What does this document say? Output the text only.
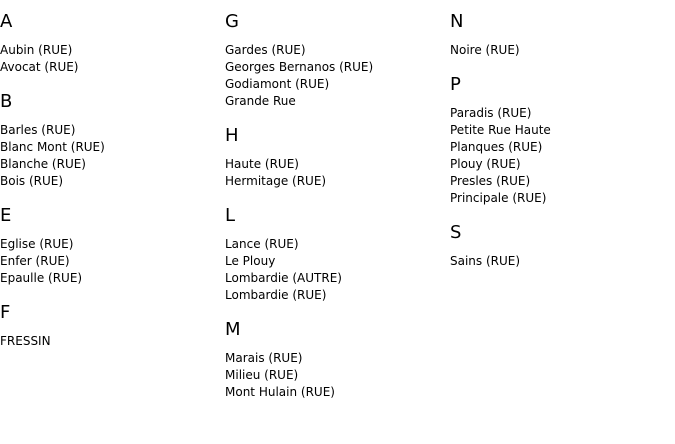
A
Aubin (RUE)
Avocat (RUE)
B
Barles (RUE)
Blanc Mont (RUE)
Blanche (RUE)
Bois (RUE)
E
Eglise (RUE)
Enfer (RUE)
Epaulle (RUE)
F
FRESSIN
G
Gardes (RUE)
Georges Bernanos (RUE)
Godiamont (RUE)
Grande Rue
H
Haute (RUE)
Hermitage (RUE)
L
Lance (RUE)
Le Plouy
Lombardie (AUTRE)
Lombardie (RUE)
M
Marais (RUE)
Milieu (RUE)
Mont Hulain (RUE)
N
Noire (RUE)
P
Paradis (RUE)
Petite Rue Haute
Planques (RUE)
Plouy (RUE)
Presles (RUE)
Principale (RUE)
S
Sains (RUE)
